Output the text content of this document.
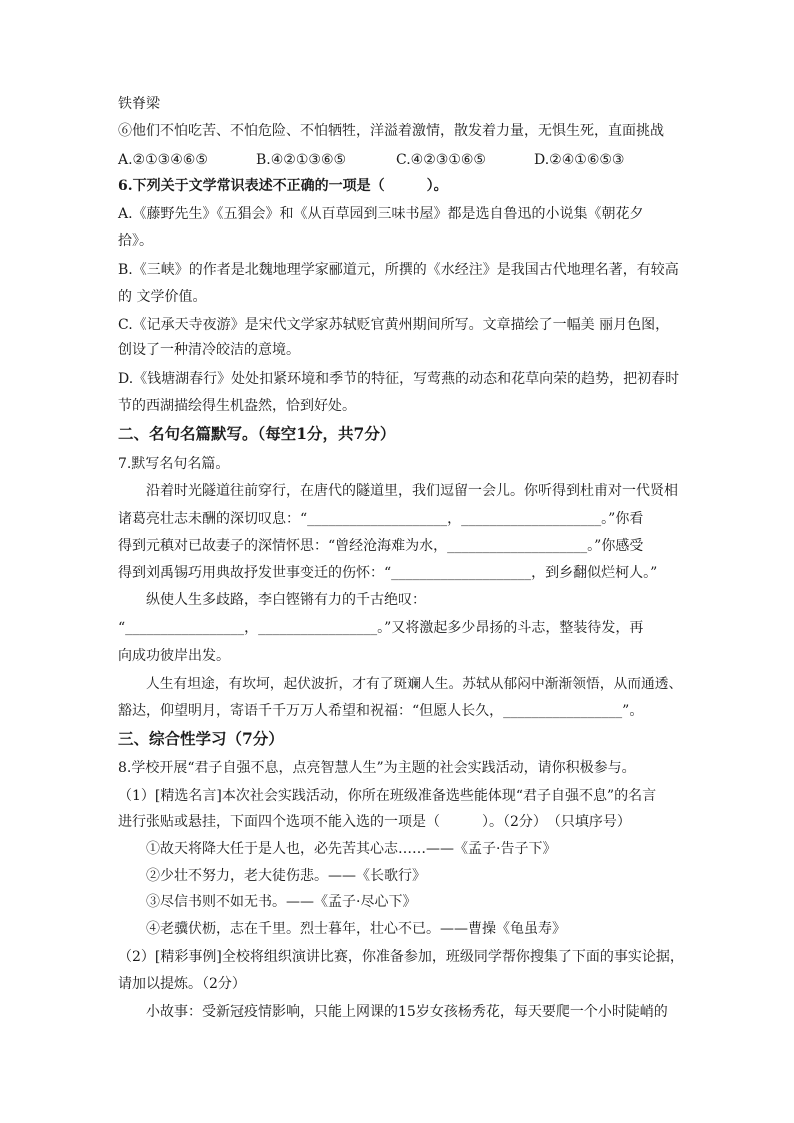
铁脊梁
⑥他们不怕吃苦、不怕危险、不怕牺牲，洋溢着激情，散发着力量，无惧生死，直面挑战
A.②①③④⑥⑤	B.④②①③⑥⑤	C.④②③①⑥⑤	D.②④①⑥⑤③
6.下列关于文学常识表述不正确的一项是（　　　）。
A.《藤野先生》《五猖会》和《从百草园到三味书屋》都是选自鲁迅的小说集《朝花夕
拾》。
B.《三峡》的作者是北魏地理学家郦道元，所撰的《水经注》是我国古代地理名著，有较高
的 文学价值。
C.《记承天寺夜游》是宋代文学家苏轼贬官黄州期间所写。文章描绘了一幅美 丽月色图，
创设了一种清冷皎洁的意境。
D.《钱塘湖春行》处处扣紧环境和季节的特征，写莺燕的动态和花草向荣的趋势，把初春时
节的西湖描绘得生机盎然，恰到好处。
二、名句名篇默写。（每空1分，共7分）
7.默写名句名篇。
沿着时光隧道往前穿行，在唐代的隧道里，我们逗留一会儿。你听得到杜甫对一代贤相
诸葛亮壮志未酬的深切叹息：“____________________，____________________。”你看
得到元稹对已故妻子的深情怀思：“曾经沧海难为水，____________________。”你感受
得到刘禹锡巧用典故抒发世事变迁的伤怀：“____________________，到乡翻似烂柯人。”
纵使人生多歧路，李白铿锵有力的千古绝叹：
“_________________，_________________。”又将激起多少昂扬的斗志，整装待发，再
向成功彼岸出发。
人生有坦途，有坎坷，起伏波折，才有了斑斓人生。苏轼从郁闷中渐渐领悟，从而通透、
豁达，仰望明月，寄语千千万万人希望和祝福：“但愿人长久，_________________”。
三、综合性学习（7分）
8.学校开展“君子自强不息，点亮智慧人生”为主题的社会实践活动，请你积极参与。
（1）[精选名言]本次社会实践活动，你所在班级准备选些能体现“君子自强不息”的名言
进行张贴或悬挂，下面四个选项不能入选的一项是（　　　）。（2分）　（只填序号）
①故天将降大任于是人也，必先苦其心志……——《孟子·告子下》
②少壮不努力，老大徒伤悲。——《长歌行》
③尽信书则不如无书。——《孟子·尽心下》
④老骥伏枥，志在千里。烈士暮年，壮心不已。——曹操《龟虽寿》
（2）[精彩事例]全校将组织演讲比赛，你准备参加，班级同学帮你搜集了下面的事实论据，
请加以提炼。（2分）
小故事：受新冠疫情影响，只能上网课的15岁女孩杨秀花，每天要爬一个小时陡峭的
